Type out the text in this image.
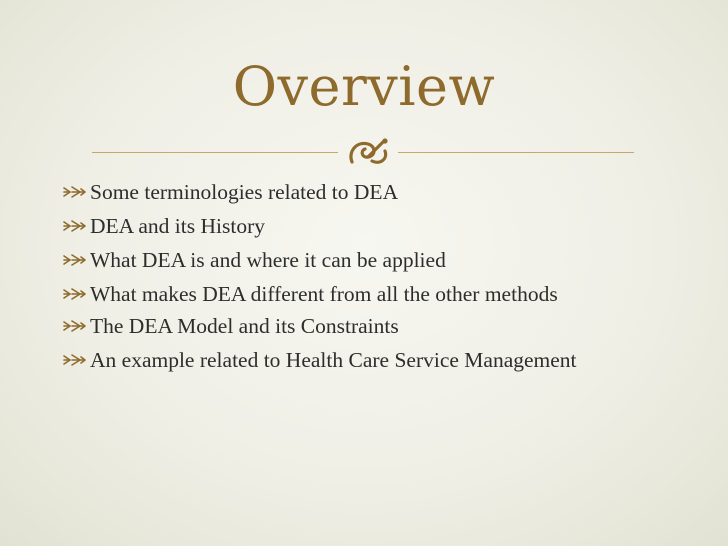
Overview
Some terminologies related to DEA
DEA and its History
What DEA is and where it can be applied
What makes DEA different from all the other methods
The DEA Model and its Constraints
An example related to Health Care Service Management
